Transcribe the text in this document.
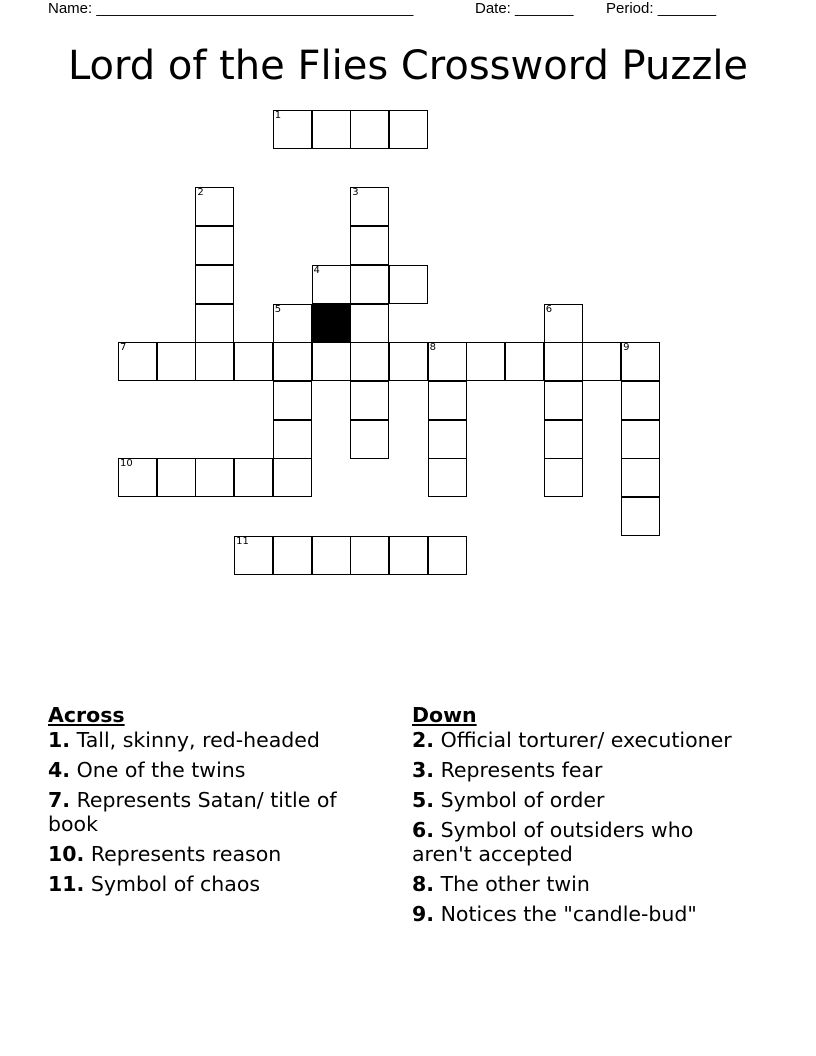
Name: ______________________________________	Date: _______ Period: _______
Lord of the Flies Crossword Puzzle
1
2	3
4
5	6
7	8	9
10
11
Across
1. Tall, skinny, red-headed
4. One of the twins
7. Represents Satan/ title of book
10. Represents reason
11. Symbol of chaos
Down
2. Official torturer/ executioner
3. Represents fear
5. Symbol of order
6. Symbol of outsiders who aren't accepted
8. The other twin
9. Notices the "candle-bud"
